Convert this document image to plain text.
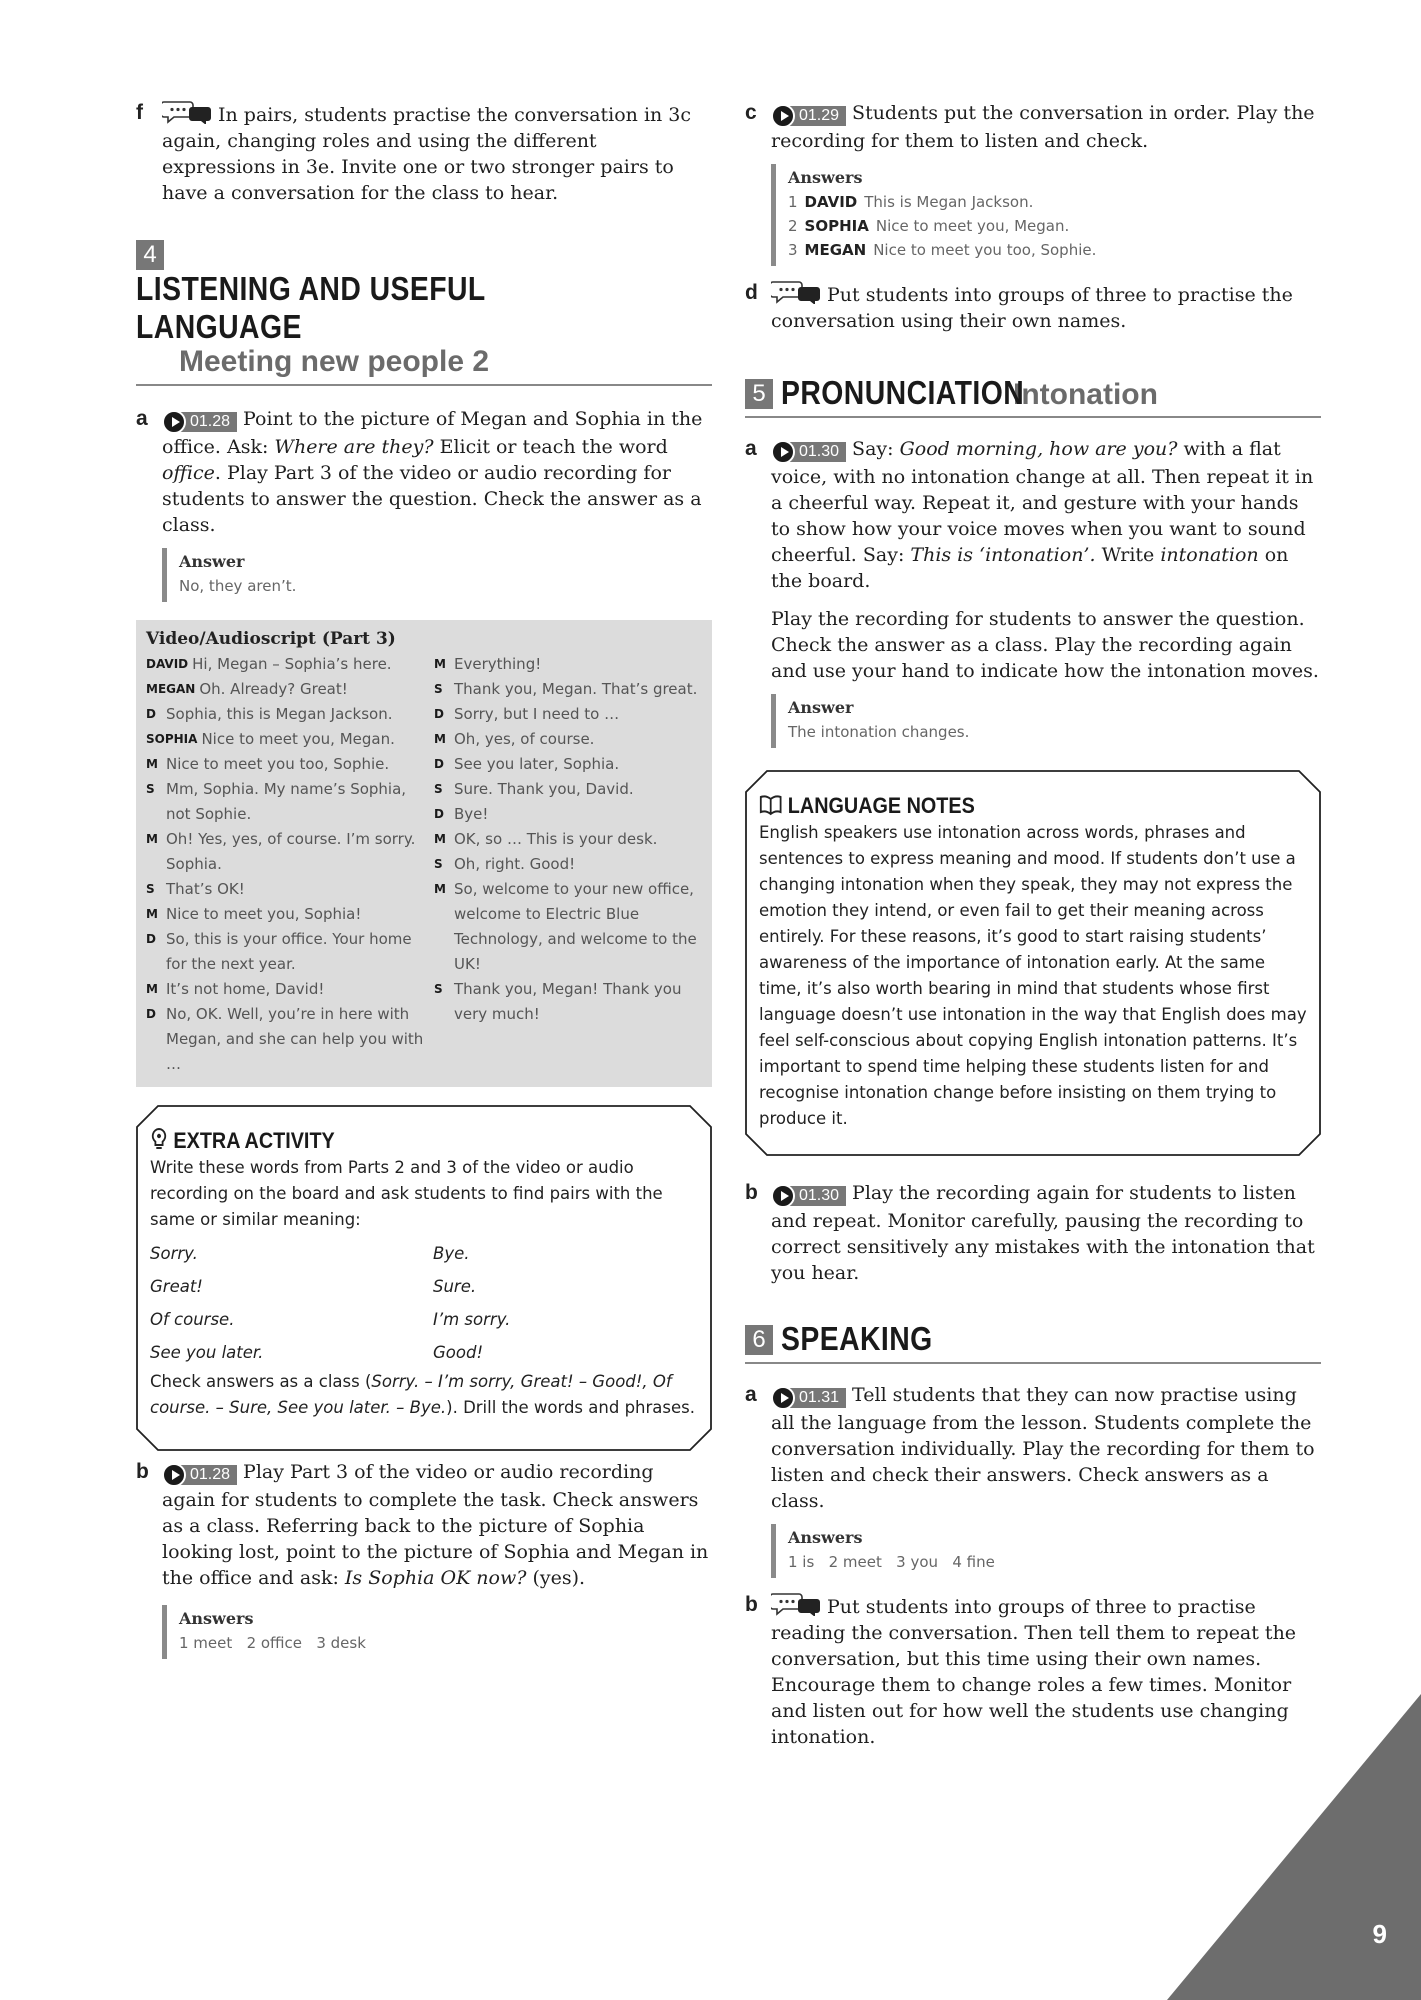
f	In pairs, students practise the conversation in 3c again, changing roles and using the different expressions in 3e. Invite one or two stronger pairs to have a conversation for the class to hear.
4LISTENING AND USEFUL LANGUAGE
Meeting new people 2
a	01.28 Point to the picture of Megan and Sophia in the office. Ask: Where are they? Elicit or teach the word office. Play Part 3 of the video or audio recording for students to answer the question. Check the answer as a class.
Answer
No, they aren’t.
Video/Audioscript (Part 3)
DAVID Hi, Megan – Sophia’s here.
MEGAN Oh. Already? Great!
D Sophia, this is Megan Jackson.
SOPHIA Nice to meet you, Megan.
M Nice to meet you too, Sophie.
S Mm, Sophia. My name’s Sophia, not Sophie.
M Oh! Yes, yes, of course. I’m sorry. Sophia.
S That’s OK!
M Nice to meet you, Sophia!
D So, this is your office. Your home for the next year.
M It’s not home, David!
D No, OK. Well, you’re in here with Megan, and she can help you with …
M Everything!
S Thank you, Megan. That’s great.
D Sorry, but I need to …
M Oh, yes, of course.
D See you later, Sophia.
S Sure. Thank you, David.
D Bye!
M OK, so … This is your desk.
S Oh, right. Good!
M So, welcome to your new office, welcome to Electric Blue Technology, and welcome to the UK!
S Thank you, Megan! Thank you very much!
EXTRA ACTIVITY
Write these words from Parts 2 and 3 of the video or audio recording on the board and ask students to find pairs with the same or similar meaning:
Sorry.	Bye.
Great!	Sure.
Of course.	I’m sorry.
See you later.	Good!
Check answers as a class (Sorry. – I’m sorry, Great! – Good!, Of course. – Sure, See you later. – Bye.). Drill the words and phrases.
b	01.28 Play Part 3 of the video or audio recording again for students to complete the task. Check answers as a class. Referring back to the picture of Sophia looking lost, point to the picture of Sophia and Megan in the office and ask: Is Sophia OK now? (yes).
Answers
1 meet   2 office   3 desk
c	01.29 Students put the conversation in order. Play the recording for them to listen and check.
Answers
1 DAVID This is Megan Jackson.
2 SOPHIA Nice to meet you, Megan.
3 MEGAN Nice to meet you too, Sophie.
d	Put students into groups of three to practise the conversation using their own names.
5 PRONUNCIATIONIntonation
a	01.30 Say: Good morning, how are you? with a flat voice, with no intonation change at all. Then repeat it in a cheerful way. Repeat it, and gesture with your hands to show how your voice moves when you want to sound cheerful. Say: This is ‘intonation’. Write intonation on the board.

Play the recording for students to answer the question. Check the answer as a class. Play the recording again and use your hand to indicate how the intonation moves.

Answer
The intonation changes.
LANGUAGE NOTES
English speakers use intonation across words, phrases and sentences to express meaning and mood. If students don’t use a changing intonation when they speak, they may not express the emotion they intend, or even fail to get their meaning across entirely. For these reasons, it’s good to start raising students’ awareness of the importance of intonation early. At the same time, it’s also worth bearing in mind that students whose first language doesn’t use intonation in the way that English does may feel self-conscious about copying English intonation patterns. It’s important to spend time helping these students listen for and recognise intonation change before insisting on them trying to produce it.
b	01.30 Play the recording again for students to listen and repeat. Monitor carefully, pausing the recording to correct sensitively any mistakes with the intonation that you hear.
6 SPEAKING
a	01.31 Tell students that they can now practise using all the language from the lesson. Students complete the conversation individually. Play the recording for them to listen and check their answers. Check answers as a class.
Answers
1 is   2 meet   3 you   4 fine
b	Put students into groups of three to practise reading the conversation. Then tell them to repeat the conversation, but this time using their own names. Encourage them to change roles a few times. Monitor and listen out for how well the students use changing intonation.
9
